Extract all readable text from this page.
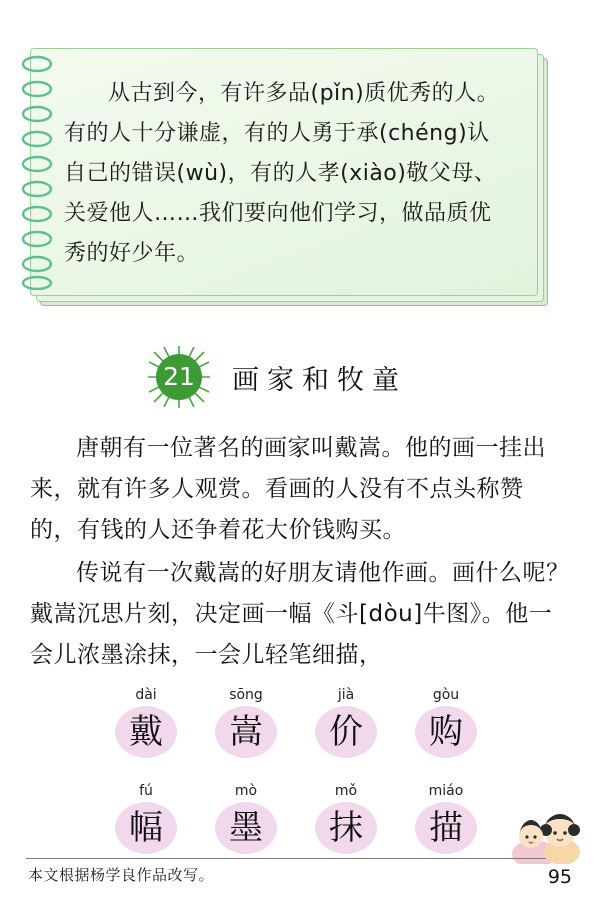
从古到今，有许多品(pǐn)质优秀的人。有的人十分谦虚，有的人勇于承(chéng)认自己的错误(wù)，有的人孝(xiào)敬父母、关爱他人……我们要向他们学习，做品质优秀的好少年。
21	画家和牧童

唐朝有一位著名的画家叫戴嵩。他的画一挂出来，就有许多人观赏。看画的人没有不点头称赞的，有钱的人还争着花大价钱购买。

传说有一次戴嵩的好朋友请他作画。画什么呢？戴嵩沉思片刻，决定画一幅《斗[dòu]牛图》。他一会儿浓墨涂抹，一会儿轻笔细描，

dài
戴
sōng
嵩
jià
价
gòu
购
fú
幅
mò
墨
mǒ
抹
miáo
描
本文根据杨学良作品改写。	95
